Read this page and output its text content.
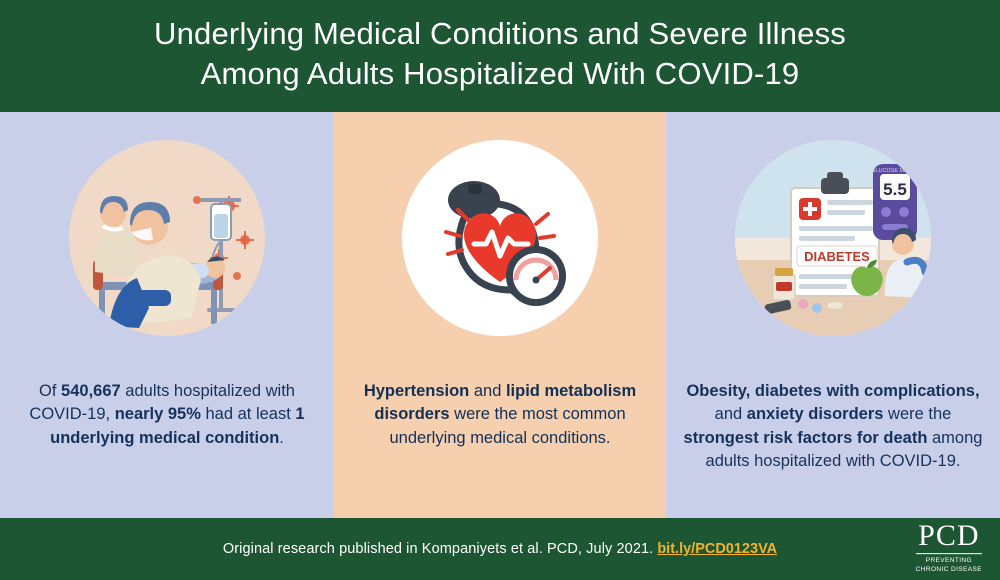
Underlying Medical Conditions and Severe Illness
Among Adults Hospitalized With COVID-19
Of 540,667 adults hospitalized with COVID-19, nearly 95% had at least 1 underlying medical condition.
Hypertension and lipid metabolism disorders were the most common underlying medical conditions.
DIABETES
5.5
GLUCOSE METER
Obesity, diabetes with complications, and anxiety disorders were the strongest risk factors for death among adults hospitalized with COVID-19.
Original research published in Kompaniyets et al. PCD, July 2021.
bit.ly/PCD0123VA	PCD
PREVENTING
CHRONIC DISEASE
